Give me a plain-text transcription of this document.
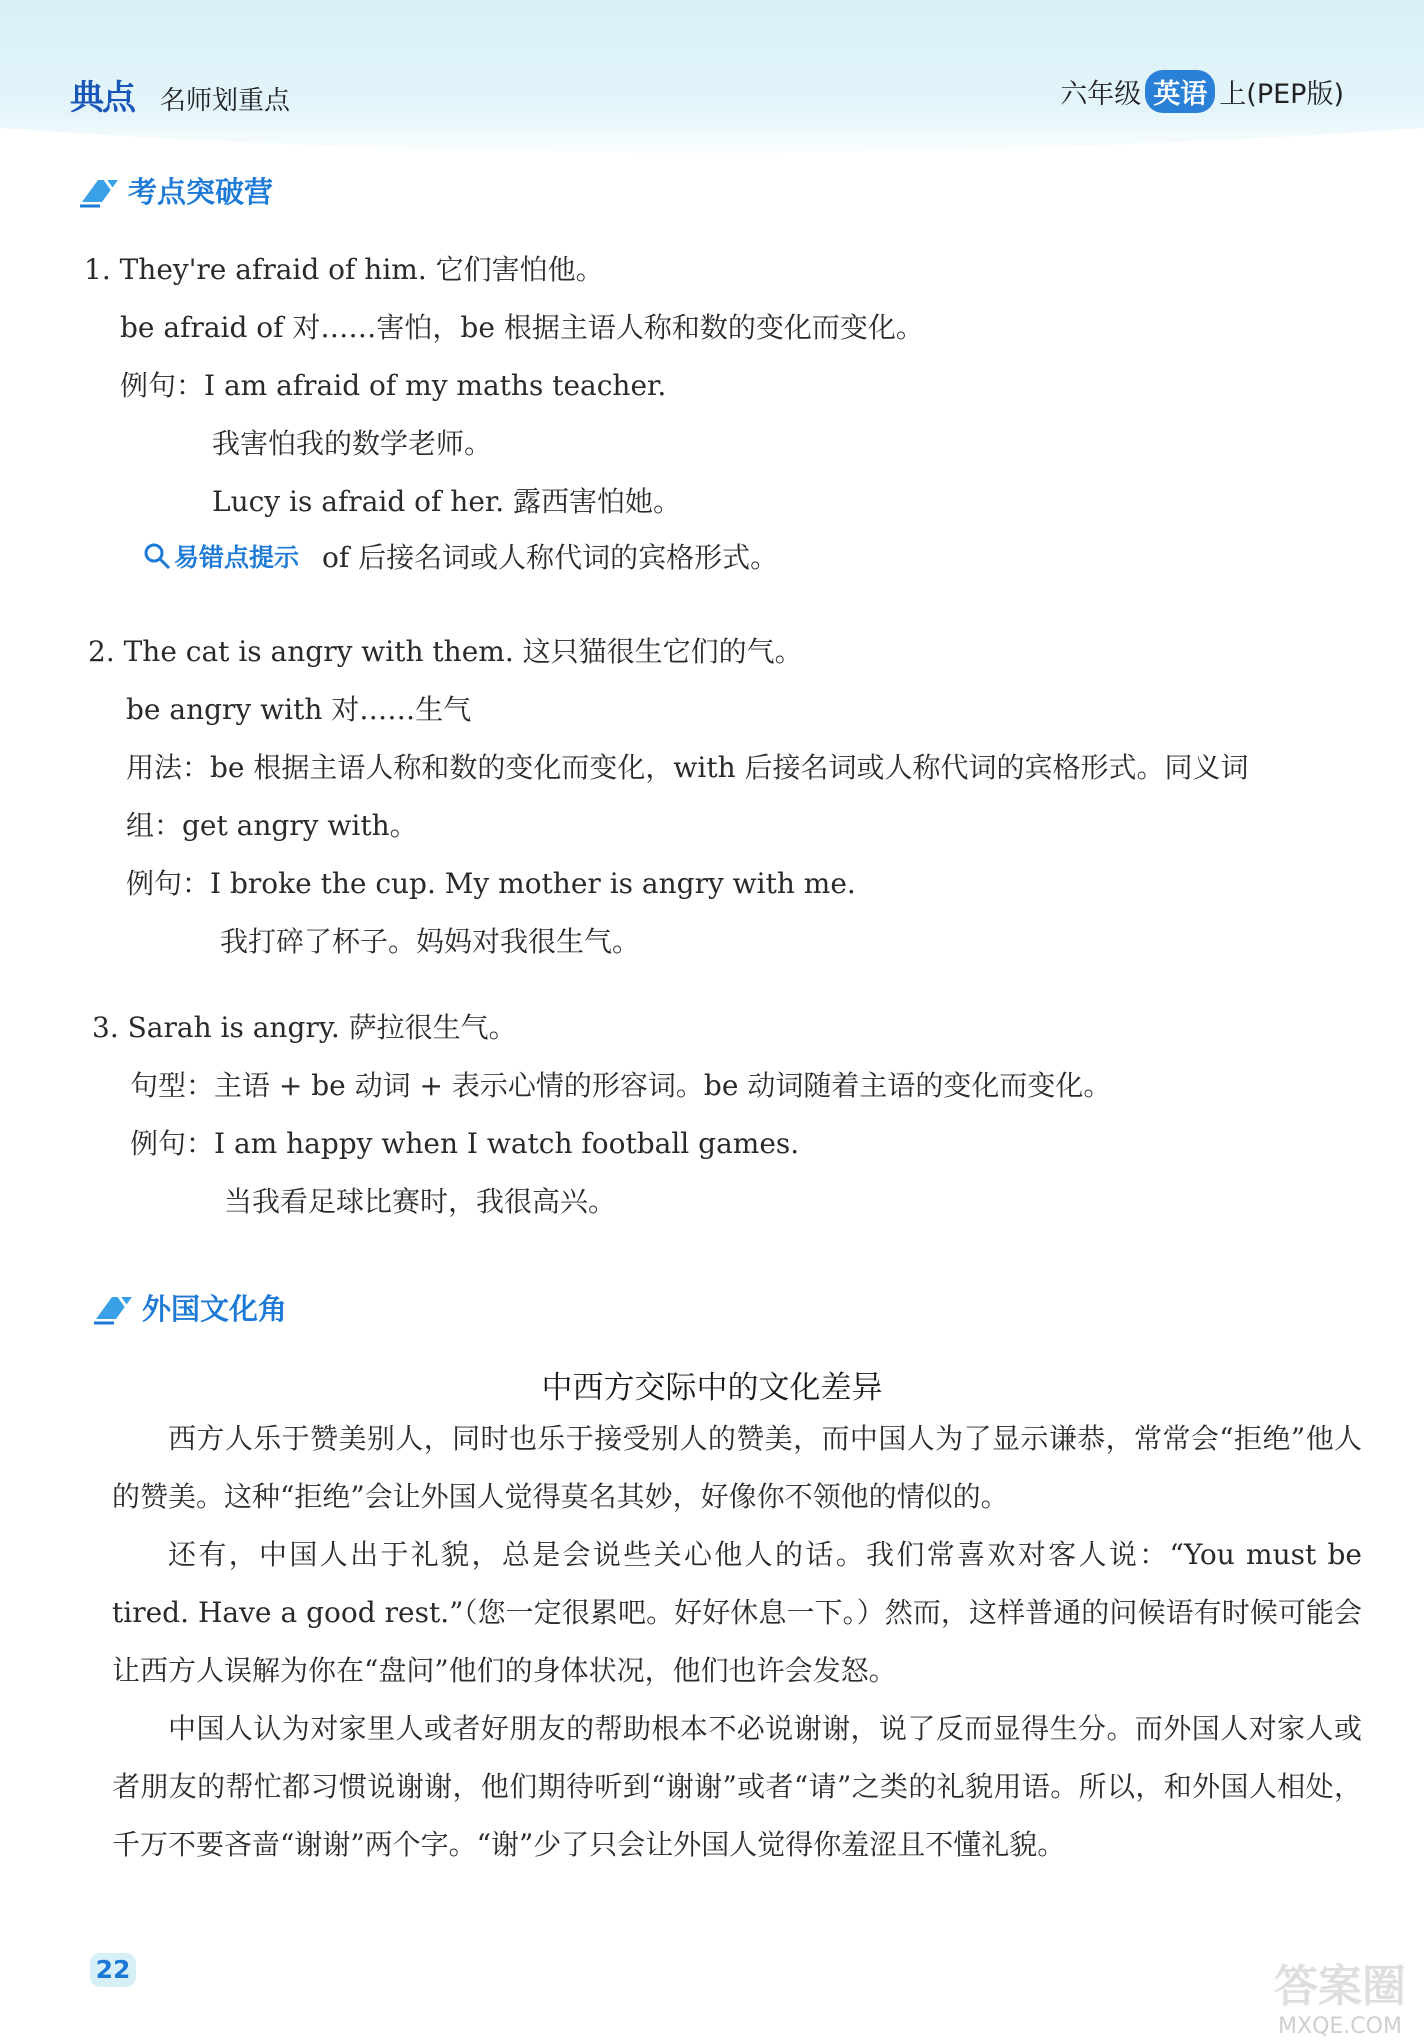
典点 名师划重点	六年级 英语 上(PEP版)
考点突破营
1. They're afraid of him. 它们害怕他。
be afraid of 对……害怕，be 根据主语人称和数的变化而变化。
例句：I am afraid of my maths teacher.
我害怕我的数学老师。
Lucy is afraid of her. 露西害怕她。
易错点提示 of 后接名词或人称代词的宾格形式。
2. The cat is angry with them. 这只猫很生它们的气。
be angry with 对……生气
用法：be 根据主语人称和数的变化而变化，with 后接名词或人称代词的宾格形式。同义词
组：get angry with。
例句：I broke the cup. My mother is angry with me.
我打碎了杯子。妈妈对我很生气。
3. Sarah is angry. 萨拉很生气。
句型：主语 + be 动词 + 表示心情的形容词。be 动词随着主语的变化而变化。
例句：I am happy when I watch football games.
当我看足球比赛时，我很高兴。
外国文化角
中西方交际中的文化差异
西方人乐于赞美别人，同时也乐于接受别人的赞美，而中国人为了显示谦恭，常常会“拒绝”他人的赞美。这种“拒绝”会让外国人觉得莫名其妙，好像你不领他的情似的。
还有，中国人出于礼貌，总是会说些关心他人的话。我们常喜欢对客人说：“You must be tired. Have a good rest.”（您一定很累吧。好好休息一下。）然而，这样普通的问候语有时候可能会让西方人误解为你在“盘问”他们的身体状况，他们也许会发怒。
中国人认为对家里人或者好朋友的帮助根本不必说谢谢，说了反而显得生分。而外国人对家人或者朋友的帮忙都习惯说谢谢，他们期待听到“谢谢”或者“请”之类的礼貌用语。所以，和外国人相处，千万不要吝啬“谢谢”两个字。“谢”少了只会让外国人觉得你羞涩且不懂礼貌。
22	答案圈
MXQE.COM
